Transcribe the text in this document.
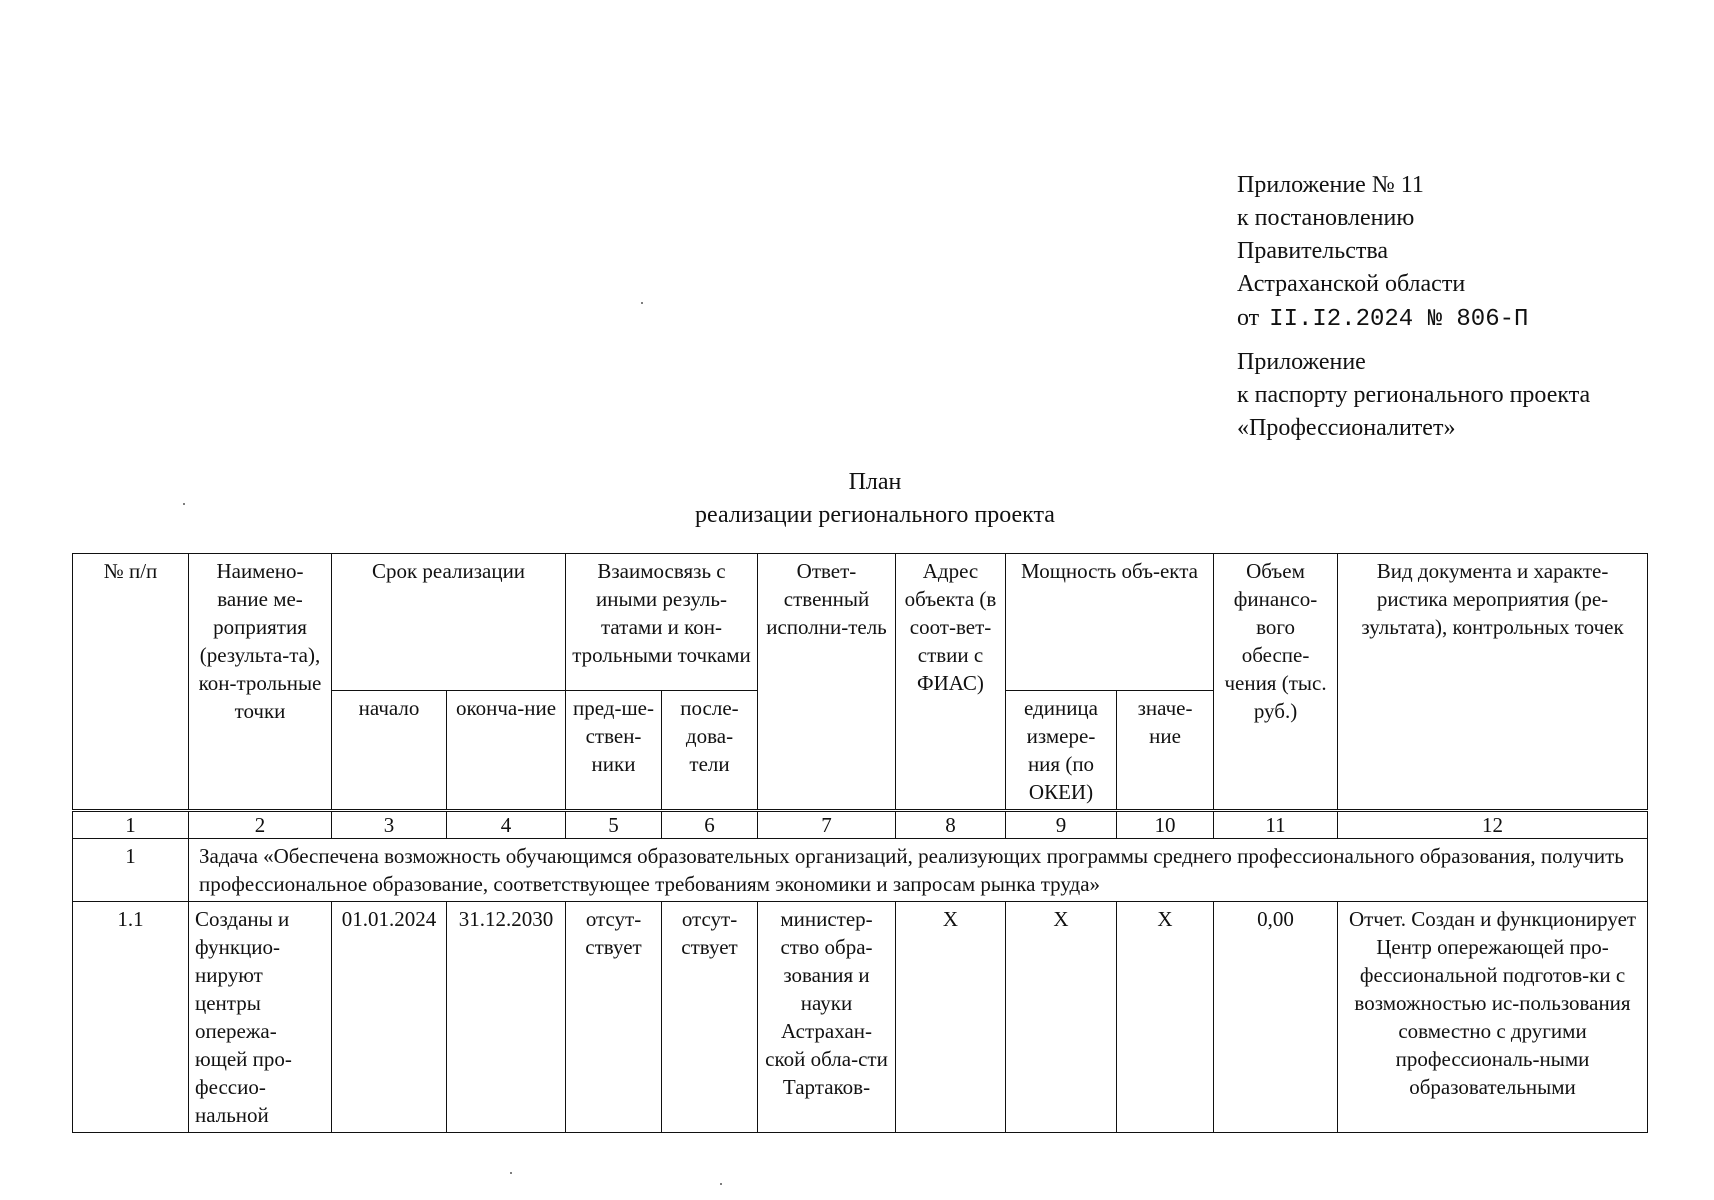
Приложение № 11
к постановлению
Правительства
Астраханской области
от II.I2.2024 № 806-П
Приложение
к паспорту регионального проекта
«Профессионалитет»
План
реализации регионального проекта
№ п/п	Наимено-вание ме-роприятия (результа-та), кон-трольные точки	Срок реализации		Взаимосвязь с иными резуль-татами и кон-трольными точками		Ответ-ственный исполни-тель	Адрес объекта (в соот-вет-ствии с ФИАС)	Мощность объ-екта		Объем финансо-вого обеспе-чения (тыс. руб.)	Вид документа и характе-ристика мероприятия (ре-зультата), контрольных точек
		начало	оконча-ние	пред-ше-ствен-ники	после-дова-тели			единица измере-ния (по ОКЕИ)	значе-ние		
1	2	3	4	5	6	7	8	9	10	11	12
1	Задача «Обеспечена возможность обучающимся образовательных организаций, реализующих программы среднего профессионального образования, получить профессиональное образование, соответствующее требованиям экономики и запросам рынка труда»										
1.1	Созданы и функцио-нируют центры опережа-ющей про-фессио-нальной	01.01.2024	31.12.2030	отсут-ствует	отсут-ствует	министер-ство обра-зования и науки Астрахан-ской обла-сти Тартаков-	Х	Х	Х	0,00	Отчет. Создан и функционирует Центр опережающей про-фессиональной подготов-ки с возможностью ис-пользования совместно с другими профессиональ-ными образовательными
